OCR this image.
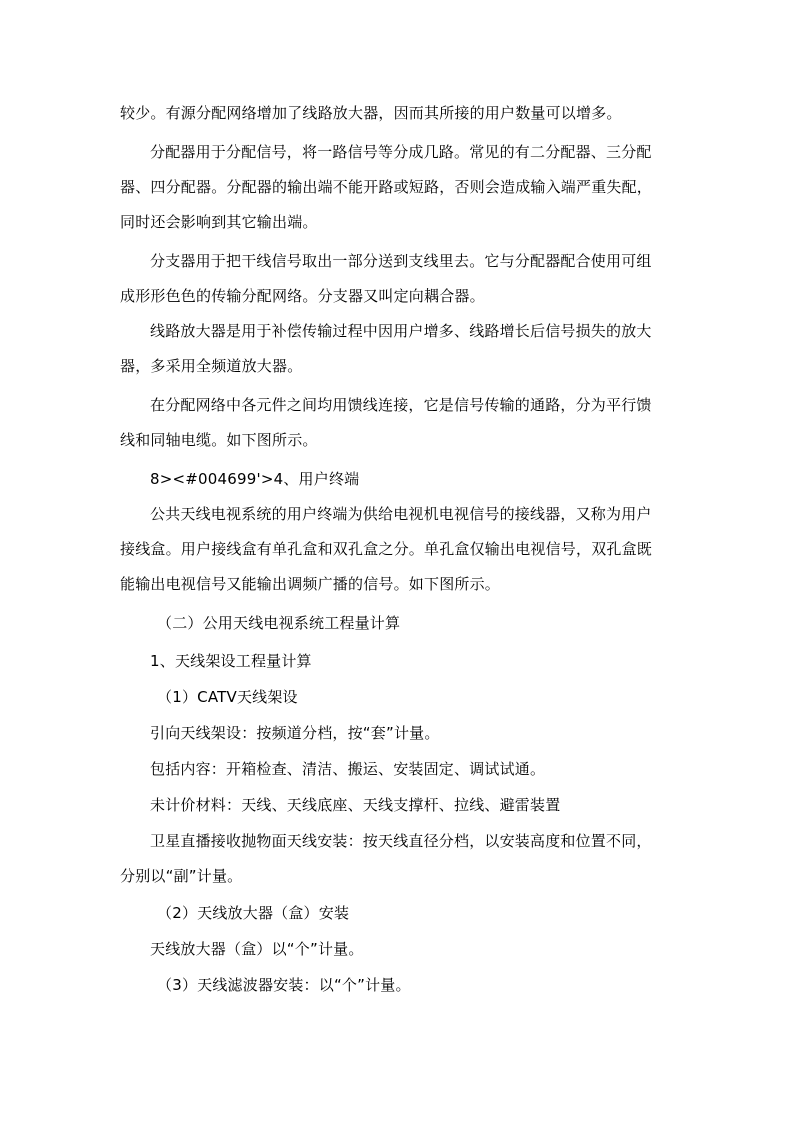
较少。有源分配网络增加了线路放大器，因而其所接的用户数量可以增多。
分配器用于分配信号，将一路信号等分成几路。常见的有二分配器、三分配
器、四分配器。分配器的输出端不能开路或短路，否则会造成输入端严重失配，
同时还会影响到其它输出端。
分支器用于把干线信号取出一部分送到支线里去。它与分配器配合使用可组
成形形色色的传输分配网络。分支器又叫定向耦合器。
线路放大器是用于补偿传输过程中因用户增多、线路增长后信号损失的放大
器，多采用全频道放大器。
在分配网络中各元件之间均用馈线连接，它是信号传输的通路，分为平行馈
线和同轴电缆。如下图所示。
8><#004699'>4、用户终端
公共天线电视系统的用户终端为供给电视机电视信号的接线器，又称为用户
接线盒。用户接线盒有单孔盒和双孔盒之分。单孔盒仅输出电视信号，双孔盒既
能输出电视信号又能输出调频广播的信号。如下图所示。
（二）公用天线电视系统工程量计算
1、天线架设工程量计算
（1）CATV天线架设
引向天线架设：按频道分档，按“套”计量。
包括内容：开箱检查、清洁、搬运、安装固定、调试试通。
未计价材料：天线、天线底座、天线支撑杆、拉线、避雷装置
卫星直播接收抛物面天线安装：按天线直径分档，以安装高度和位置不同，
分别以“副”计量。
（2）天线放大器（盒）安装
天线放大器（盒）以“个”计量。
（3）天线滤波器安装：以“个”计量。
